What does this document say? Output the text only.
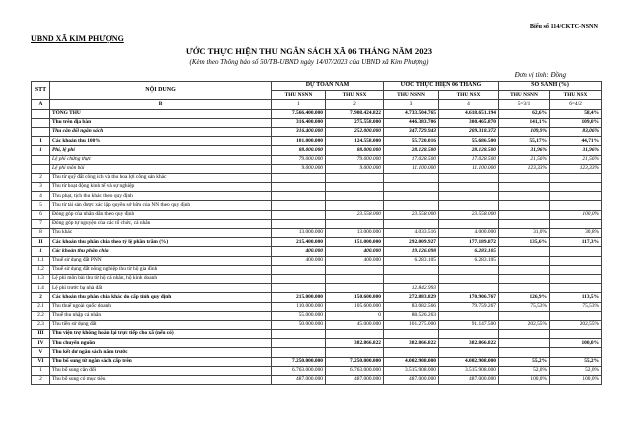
Biểu số 114/CKTC-NSNN
UBND XÃ KIM PHƯỢNG
ƯỚC THỰC HIỆN THU NGÂN SÁCH XÃ 06 THÁNG NĂM 2023
(Kèm theo Thông báo số 50/TB-UBND ngày 14/07/2023 của UBND xã Kim Phượng)
Đơn vị tính: Đồng
STT	NỘI DUNG	DỰ TOÁN NĂM		ƯỚC THỰC HIỆN 06 THÁNG		SO SÁNH (%)	
		THU NSNN	THU NSX	THU NSNN	THU NSX	THU NSNN	THU NSX
A	B	1	2	3	4	5=3/1	6=4/2
	TỔNG THU	7.566.400.000	7.908.424.822	4.733.504.765	4.618.651.194	62,6%	58,4%
	Thu trên địa bàn	316.400.000	275.558.000	446.383.706	300.465.870	141,1%	109,0%
	Thu cân đối ngân sách	316.400.000	252.000.000	347.729.943	209.318.372	109,9%	83,06%
I	Các khoản thu 100%	101.000.000	124.558.000	55.720.016	55.686.500	55,17%	44,71%
1	Phí, lệ phí	88.000.000	88.000.000	28.128.500	28.128.500	31,96%	31,96%
	Lệ phí chứng thực	79.000.000	79.000.000	17.028.500	17.028.500	21,56%	21,56%
	Lệ phí môn bài	9.000.000	9.000.000	11.100.000	11.100.000	123,33%	123,33%
2	Thu từ quỹ đất công ích và thu hoa lợi công sản khác						
3	Thu từ hoạt động kinh tế và sự nghiệp						
4	Thu phạt, tịch thu khác theo quy định						
5	Thu từ tài sản được xác lập quyền sở hữu của NN theo quy định						
6	Đóng góp của nhân dân theo quy định		23.558.000	23.558.000	23.558.000		100,0%
7	Đóng góp tự nguyện của các tổ chức, cá nhân						
8	Thu khác	13.000.000	13.000.000	4.033.516	4.000.000	31,0%	30,8%
II	Các khoản thu phân chia theo tỷ lệ phần trăm (%)	215.400.000	151.000.000	292.009.927	177.189.872	135,6%	117,3%
1	Các khoản thu phân chia	400.000	400.000	19.126.098	6.283.105		
1.1	Thuế sử dụng đất PNN	400.000	400.000	6.283.105	6.283.105		
1.2	Thuế sử dụng đất nông nghiệp thu từ hộ gia đình						
1.3	Lệ phí môn bài thu từ hộ cá nhân, hộ kinh doanh						
1.4	Lệ phí trước bạ nhà đất			12.842.993			
2	Các khoản thu phân chia khác do cấp tỉnh quy định	215.000.000	150.600.000	272.883.829	170.906.767	126,9%	113,5%
2.1	Thu thuế ngoài quốc doanh	110.000.000	105.600.000	83.082.566	79.759.267	75,53%	75,53%
2.2	Thuế thu nhập cá nhân	55.000.000	0	88.526.263			
2.3	Thu tiền sử dụng đất	50.000.000	45.000.000	101.275.000	91.147.500	202,55%	202,55%
III	Thu viện trợ không hoàn lại trực tiếp cho xã (nếu có)						
IV	Thu chuyển nguồn		382.866.822	382.866.822	382.866.822		100,0%
V	Thu kết dư ngân sách năm trước						
VI	Thu bổ sung từ ngân sách cấp trên	7.250.000.000	7.250.000.000	4.002.908.000	4.002.908.000	55,2%	55,2%
1	Thu bổ sung cân đối	6.763.000.000	6.763.000.000	3.515.908.000	3.515.908.000	52,0%	52,0%
2	Thu bổ sung có mục tiêu	487.000.000	487.000.000	487.000.000	487.000.000	100,0%	100,0%
